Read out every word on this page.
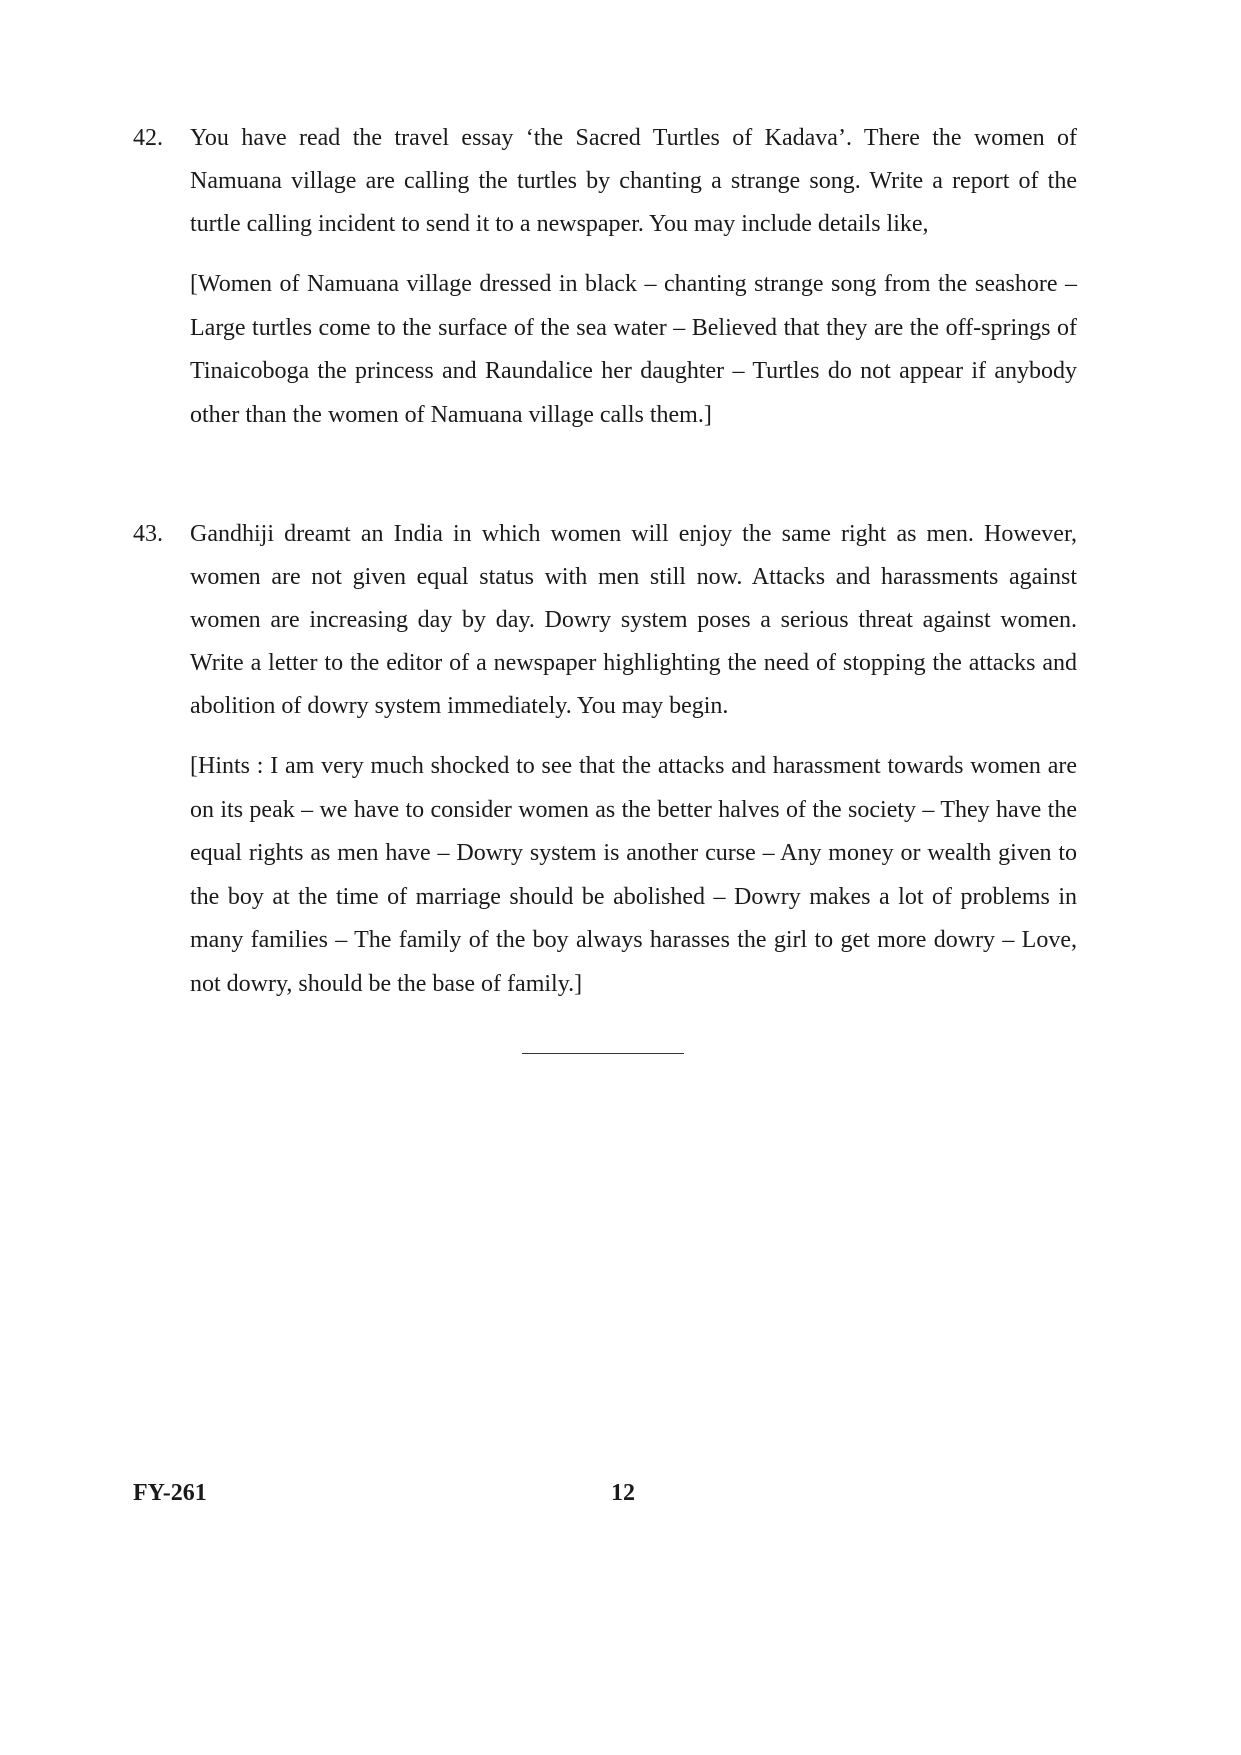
42. You have read the travel essay ‘the Sacred Turtles of Kadava’. There the women of Namuana village are calling the turtles by chanting a strange song. Write a report of the turtle calling incident to send it to a newspaper. You may include details like,

[Women of Namuana village dressed in black – chanting strange song from the seashore – Large turtles come to the surface of the sea water – Believed that they are the off-springs of Tinaicoboga the princess and Raundalice her daughter – Turtles do not appear if anybody other than the women of Namuana village calls them.]

43. Gandhiji dreamt an India in which women will enjoy the same right as men. However, women are not given equal status with men still now. Attacks and harassments against women are increasing day by day. Dowry system poses a serious threat against women. Write a letter to the editor of a newspaper highlighting the need of stopping the attacks and abolition of dowry system immediately. You may begin.

[Hints : I am very much shocked to see that the attacks and harassment towards women are on its peak – we have to consider women as the better halves of the society – They have the equal rights as men have – Dowry system is another curse – Any money or wealth given to the boy at the time of marriage should be abolished – Dowry makes a lot of problems in many families – The family of the boy always harasses the girl to get more dowry – Love, not dowry, should be the base of family.]

FY-261	12
